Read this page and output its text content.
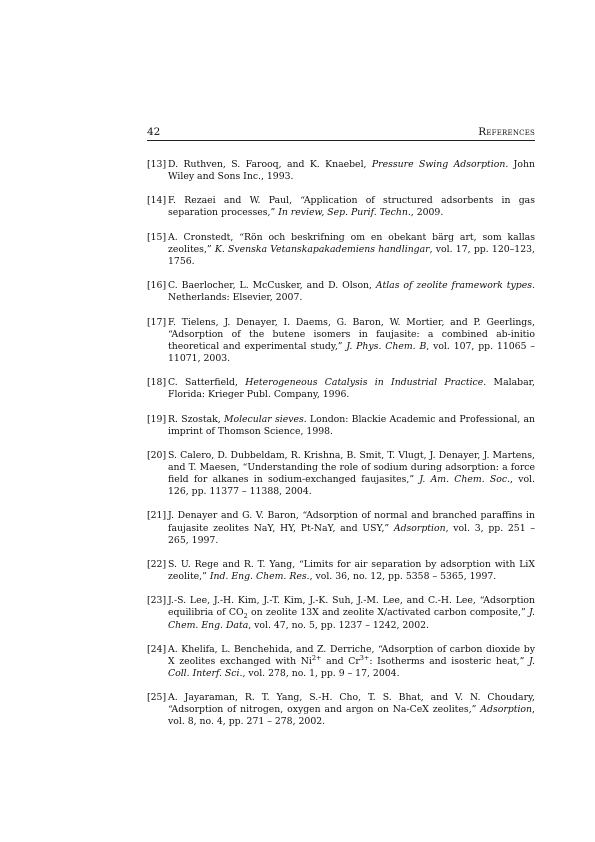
42	References
[13] D. Ruthven, S. Farooq, and K. Knaebel, Pressure Swing Adsorption. John Wiley and Sons Inc., 1993.
[14] F. Rezaei and W. Paul, “Application of structured adsorbents in gas separation processes,” In review, Sep. Purif. Techn., 2009.
[15] A. Cronstedt, “Rön och beskrifning om en obekant bärg art, som kallas zeolites,” K. Svenska Vetanskapakademiens handlingar, vol. 17, pp. 120–123, 1756.
[16] C. Baerlocher, L. McCusker, and D. Olson, Atlas of zeolite framework types. Netherlands: Elsevier, 2007.
[17] F. Tielens, J. Denayer, I. Daems, G. Baron, W. Mortier, and P. Geerlings, “Adsorption of the butene isomers in faujasite: a combined ab-initio theoretical and experimental study,” J. Phys. Chem. B, vol. 107, pp. 11065 – 11071, 2003.
[18] C. Satterfield, Heterogeneous Catalysis in Industrial Practice. Malabar, Florida: Krieger Publ. Company, 1996.
[19] R. Szostak, Molecular sieves. London: Blackie Academic and Professional, an imprint of Thomson Science, 1998.
[20] S. Calero, D. Dubbeldam, R. Krishna, B. Smit, T. Vlugt, J. Denayer, J. Martens, and T. Maesen, “Understanding the role of sodium during adsorption: a force field for alkanes in sodium-exchanged faujasites,” J. Am. Chem. Soc., vol. 126, pp. 11377 – 11388, 2004.
[21] J. Denayer and G. V. Baron, “Adsorption of normal and branched paraffins in faujasite zeolites NaY, HY, Pt-NaY, and USY,” Adsorption, vol. 3, pp. 251 – 265, 1997.
[22] S. U. Rege and R. T. Yang, “Limits for air separation by adsorption with LiX zeolite,” Ind. Eng. Chem. Res., vol. 36, no. 12, pp. 5358 – 5365, 1997.
[23] J.-S. Lee, J.-H. Kim, J.-T. Kim, J.-K. Suh, J.-M. Lee, and C.-H. Lee, “Adsorption equilibria of $CO_2$ on zeolite 13X and zeolite X/activated carbon composite,” J. Chem. Eng. Data, vol. 47, no. 5, pp. 1237 – 1242, 2002.
[24] A. Khelifa, L. Benchehida, and Z. Derriche, “Adsorption of carbon dioxide by X zeolites exchanged with $Ni^{2+}$ and $Cr^{3+}$: Isotherms and isosteric heat,” J. Coll. Interf. Sci., vol. 278, no. 1, pp. 9 – 17, 2004.
[25] A. Jayaraman, R. T. Yang, S.-H. Cho, T. S. Bhat, and V. N. Choudary, “Adsorption of nitrogen, oxygen and argon on Na-CeX zeolites,” Adsorption, vol. 8, no. 4, pp. 271 – 278, 2002.
